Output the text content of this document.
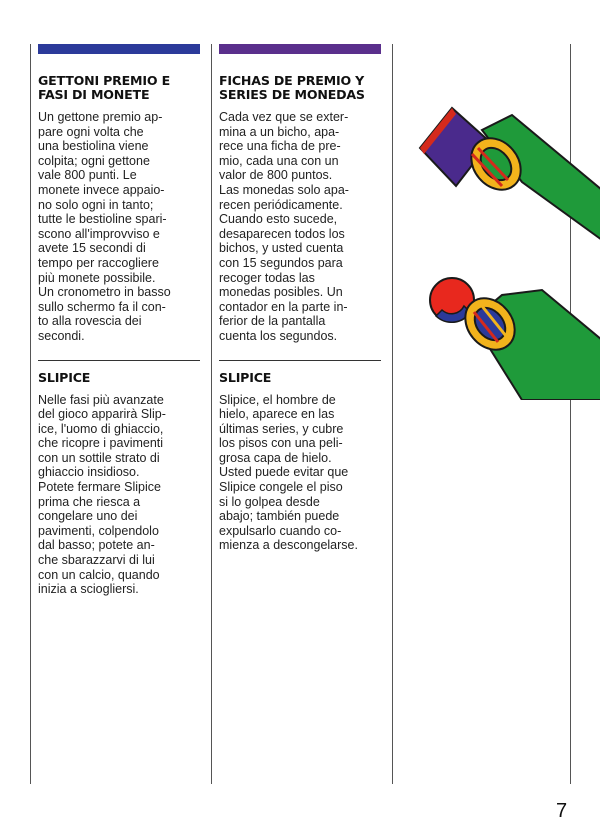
GETTONI PREMIO E
FASI DI MONETE

Un gettone premio ap-
pare ogni volta che
una bestiolina viene
colpita; ogni gettone
vale 800 punti. Le
monete invece appaio-
no solo ogni in tanto;
tutte le bestioline spari-
scono all'improvviso e
avete 15 secondi di
tempo per raccogliere
più monete possibile.
Un cronometro in basso
sullo schermo fa il con-
to alla rovescia dei
secondi.

SLIPICE

Nelle fasi più avanzate
del gioco apparirà Slip-
ice, l'uomo di ghiaccio,
che ricopre i pavimenti
con un sottile strato di
ghiaccio insidioso.
Potete fermare Slipice
prima che riesca a
congelare uno dei
pavimenti, colpendolo
dal basso; potete an-
che sbarazzarvi di lui
con un calcio, quando
inizia a sciogliersi.

FICHAS DE PREMIO Y
SERIES DE MONEDAS

Cada vez que se exter-
mina a un bicho, apa-
rece una ficha de pre-
mio, cada una con un
valor de 800 puntos.
Las monedas solo apa-
recen periódicamente.
Cuando esto sucede,
desaparecen todos los
bichos, y usted cuenta
con 15 segundos para
recoger todas las
monedas posibles. Un
contador en la parte in-
ferior de la pantalla
cuenta los segundos.

SLIPICE

Slipice, el hombre de
hielo, aparece en las
últimas series, y cubre
los pisos con una peli-
grosa capa de hielo.
Usted puede evitar que
Slipice congele el piso
si lo golpea desde
abajo; también puede
expulsarlo cuando co-
mienza a descongelarse.

7
